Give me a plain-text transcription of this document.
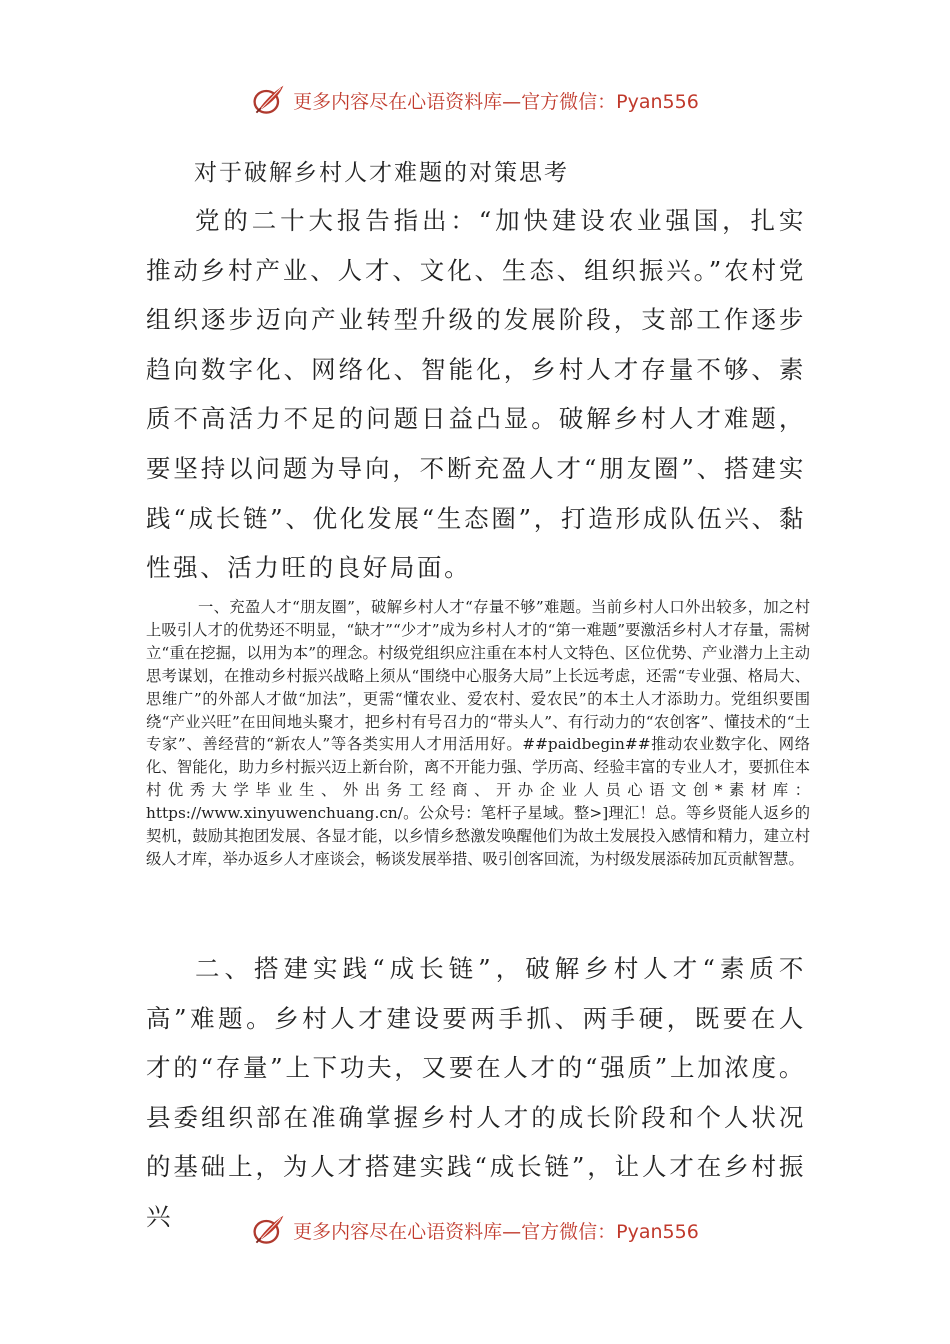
更多内容尽在心语资料库—官方微信：Pyan556
对于破解乡村人才难题的对策思考
党的二十大报告指出：“加快建设农业强国，扎实推动乡村产业、人才、文化、生态、组织振兴。”农村党组织逐步迈向产业转型升级的发展阶段，支部工作逐步趋向数字化、网络化、智能化，乡村人才存量不够、素质不高活力不足的问题日益凸显。破解乡村人才难题，要坚持以问题为导向，不断充盈人才“朋友圈”、搭建实践“成长链”、优化发展“生态圈”，打造形成队伍兴、黏性强、活力旺的良好局面。
一、充盈人才“朋友圈”，破解乡村人才“存量不够”难题。当前乡村人口外出较多，加之村上吸引人才的优势还不明显，“缺才”“少才”成为乡村人才的“第一难题”要激活乡村人才存量，需树立“重在挖掘，以用为本”的理念。村级党组织应注重在本村人文特色、区位优势、产业潜力上主动思考谋划，在推动乡村振兴战略上须从“围绕中心服务大局”上长远考虑，还需“专业强、格局大、思维广”的外部人才做“加法”，更需“懂农业、爱农村、爱农民”的本土人才添助力。党组织要围绕“产业兴旺”在田间地头聚才，把乡村有号召力的“带头人”、有行动力的“农创客”、懂技术的“土专家”、善经营的“新农人”等各类实用人才用活用好。##paidbegin##推动农业数字化、网络化、智能化，助力乡村振兴迈上新台阶，离不开能力强、学历高、经验丰富的专业人才，要抓住本村优秀大学毕业生、外出务工经商、开办企业人员心语文创*素材库：https://www.xinyuwenchuang.cn/。公众号：笔杆子星域。整>]理汇！总。等乡贤能人返乡的契机，鼓励其抱团发展、各显才能，以乡情乡愁激发唤醒他们为故土发展投入感情和精力，建立村级人才库，举办返乡人才座谈会，畅谈发展举措、吸引创客回流，为村级发展添砖加瓦贡献智慧。
二、搭建实践“成长链”，破解乡村人才“素质不高”难题。乡村人才建设要两手抓、两手硬，既要在人才的“存量”上下功夫，又要在人才的“强质”上加浓度。县委组织部在准确掌握乡村人才的成长阶段和个人状况的基础上，为人才搭建实践“成长链”，让人才在乡村振兴
更多内容尽在心语资料库—官方微信：Pyan556
